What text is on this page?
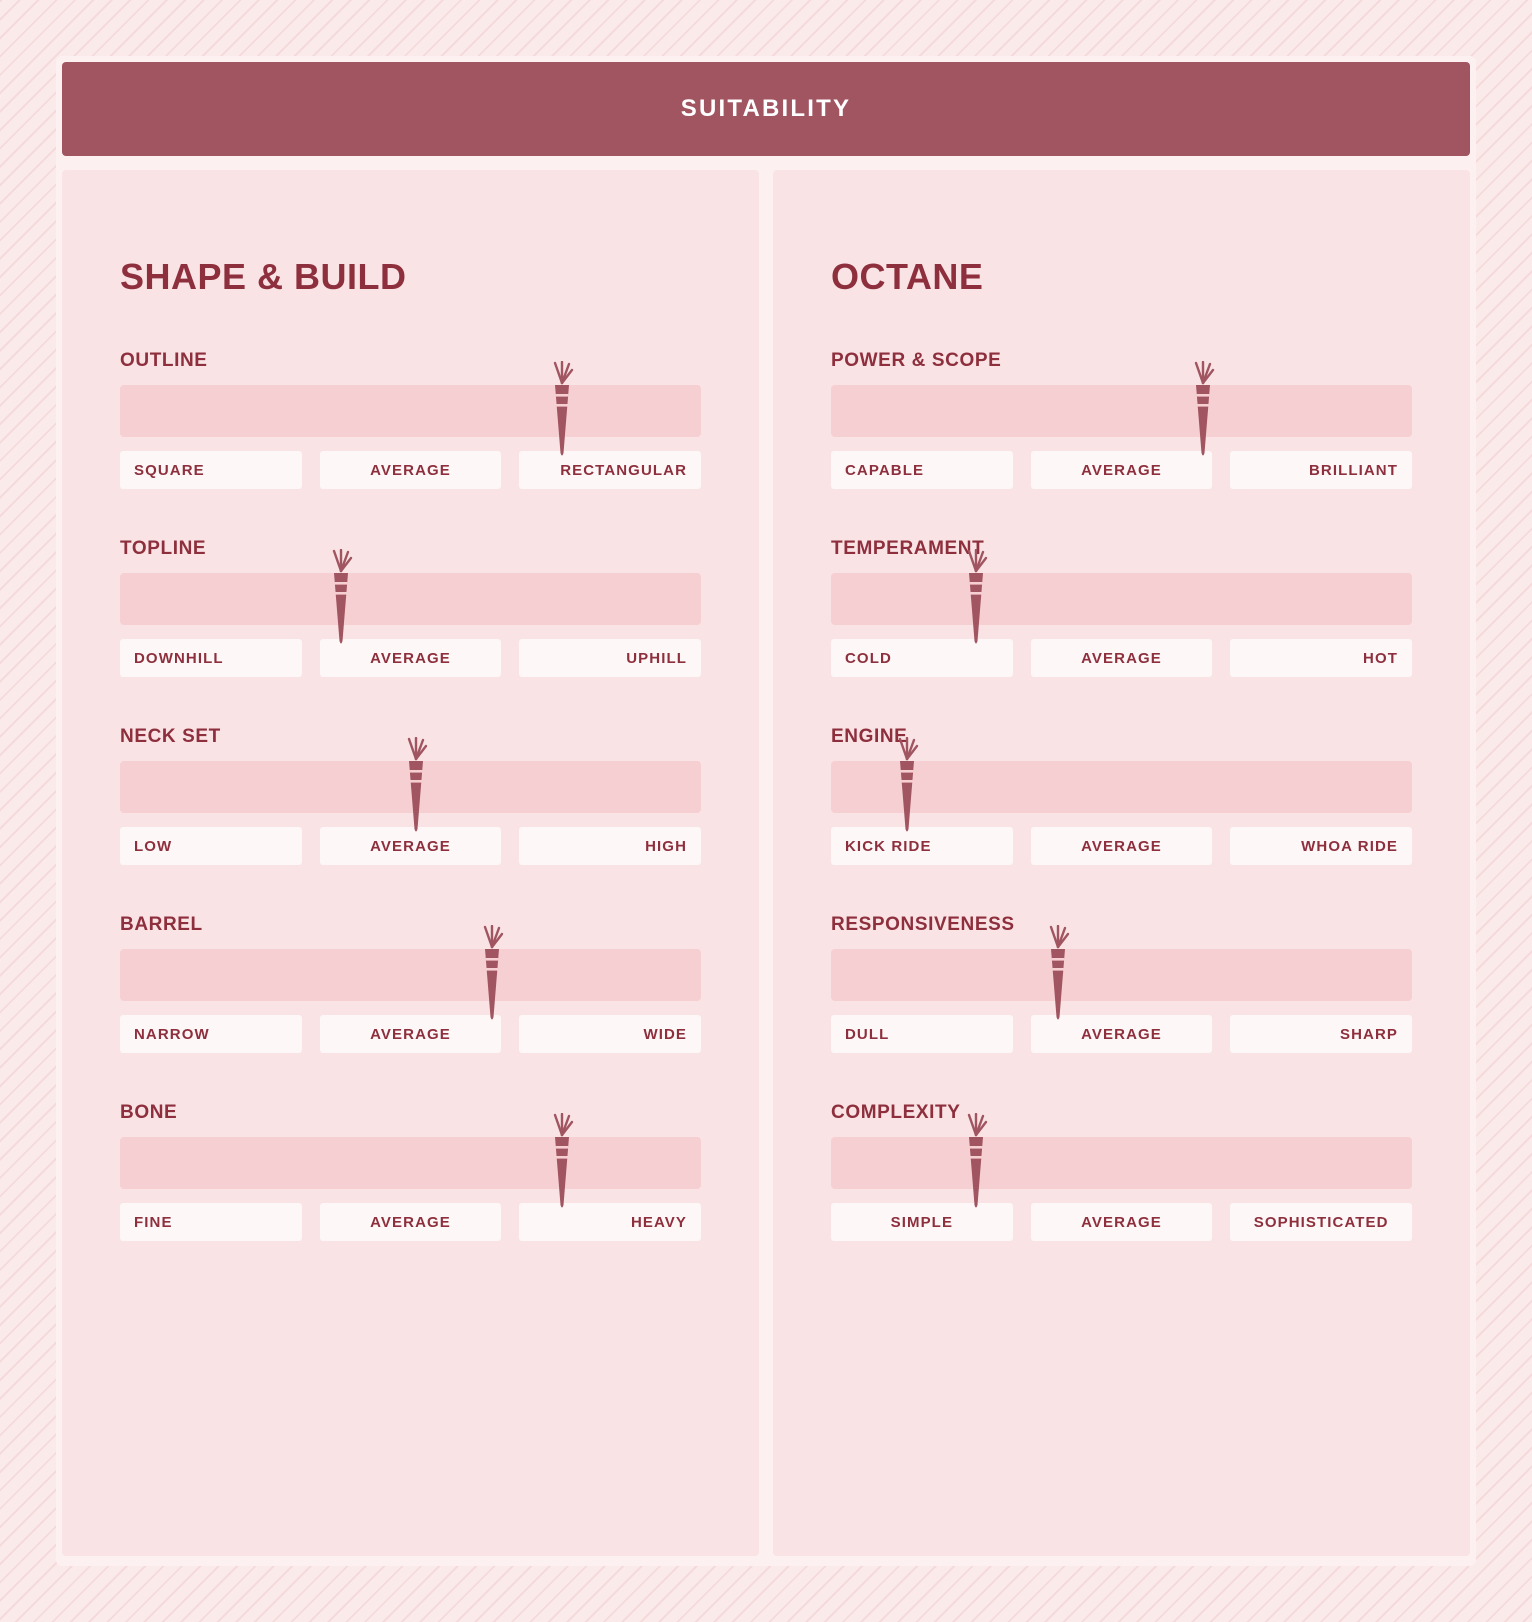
SUITABILITY
SHAPE & BUILD
OUTLINE
SQUARE	AVERAGE	RECTANGULAR
TOPLINE
DOWNHILL	AVERAGE	UPHILL
NECK SET
LOW	AVERAGE	HIGH
BARREL
NARROW	AVERAGE	WIDE
BONE
FINE	AVERAGE	HEAVY
OCTANE
POWER & SCOPE
CAPABLE	AVERAGE	BRILLIANT
TEMPERAMENT
COLD	AVERAGE	HOT
ENGINE
KICK RIDE	AVERAGE	WHOA RIDE
RESPONSIVENESS
DULL	AVERAGE	SHARP
COMPLEXITY
SIMPLE	AVERAGE	SOPHISTICATED
